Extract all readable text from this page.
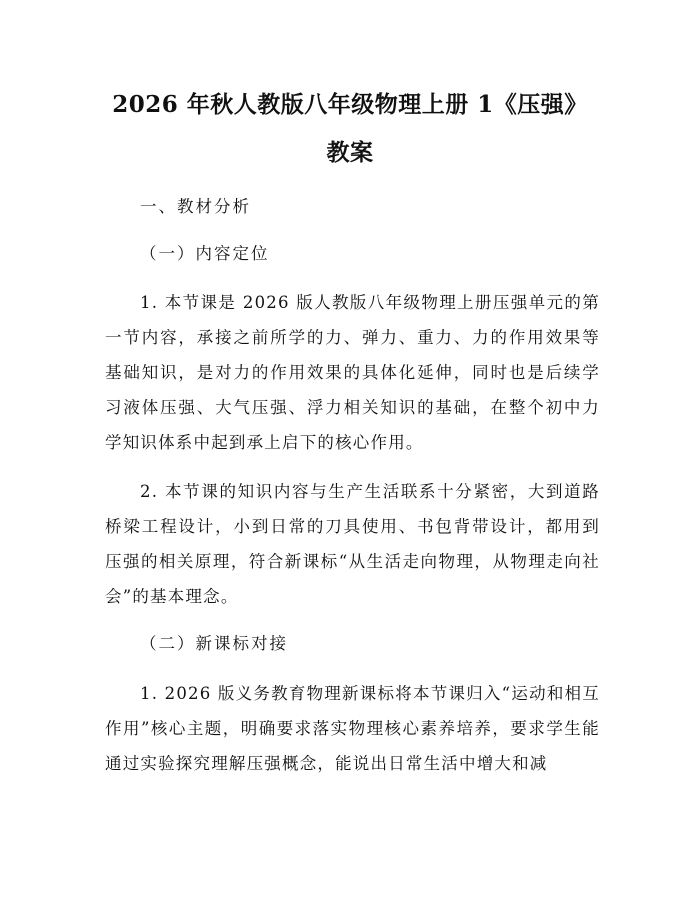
2026 年秋人教版八年级物理上册 1《压强》
教案
一、教材分析
（一）内容定位
1. 本节课是 2026 版人教版八年级物理上册压强单元的第一节内容，承接之前所学的力、弹力、重力、力的作用效果等基础知识，是对力的作用效果的具体化延伸，同时也是后续学习液体压强、大气压强、浮力相关知识的基础，在整个初中力学知识体系中起到承上启下的核心作用。
2. 本节课的知识内容与生产生活联系十分紧密，大到道路桥梁工程设计，小到日常的刀具使用、书包背带设计，都用到压强的相关原理，符合新课标“从生活走向物理，从物理走向社会”的基本理念。
（二）新课标对接
1. 2026 版义务教育物理新课标将本节课归入“运动和相互作用”核心主题，明确要求落实物理核心素养培养，要求学生能通过实验探究理解压强概念，能说出日常生活中增大和减
